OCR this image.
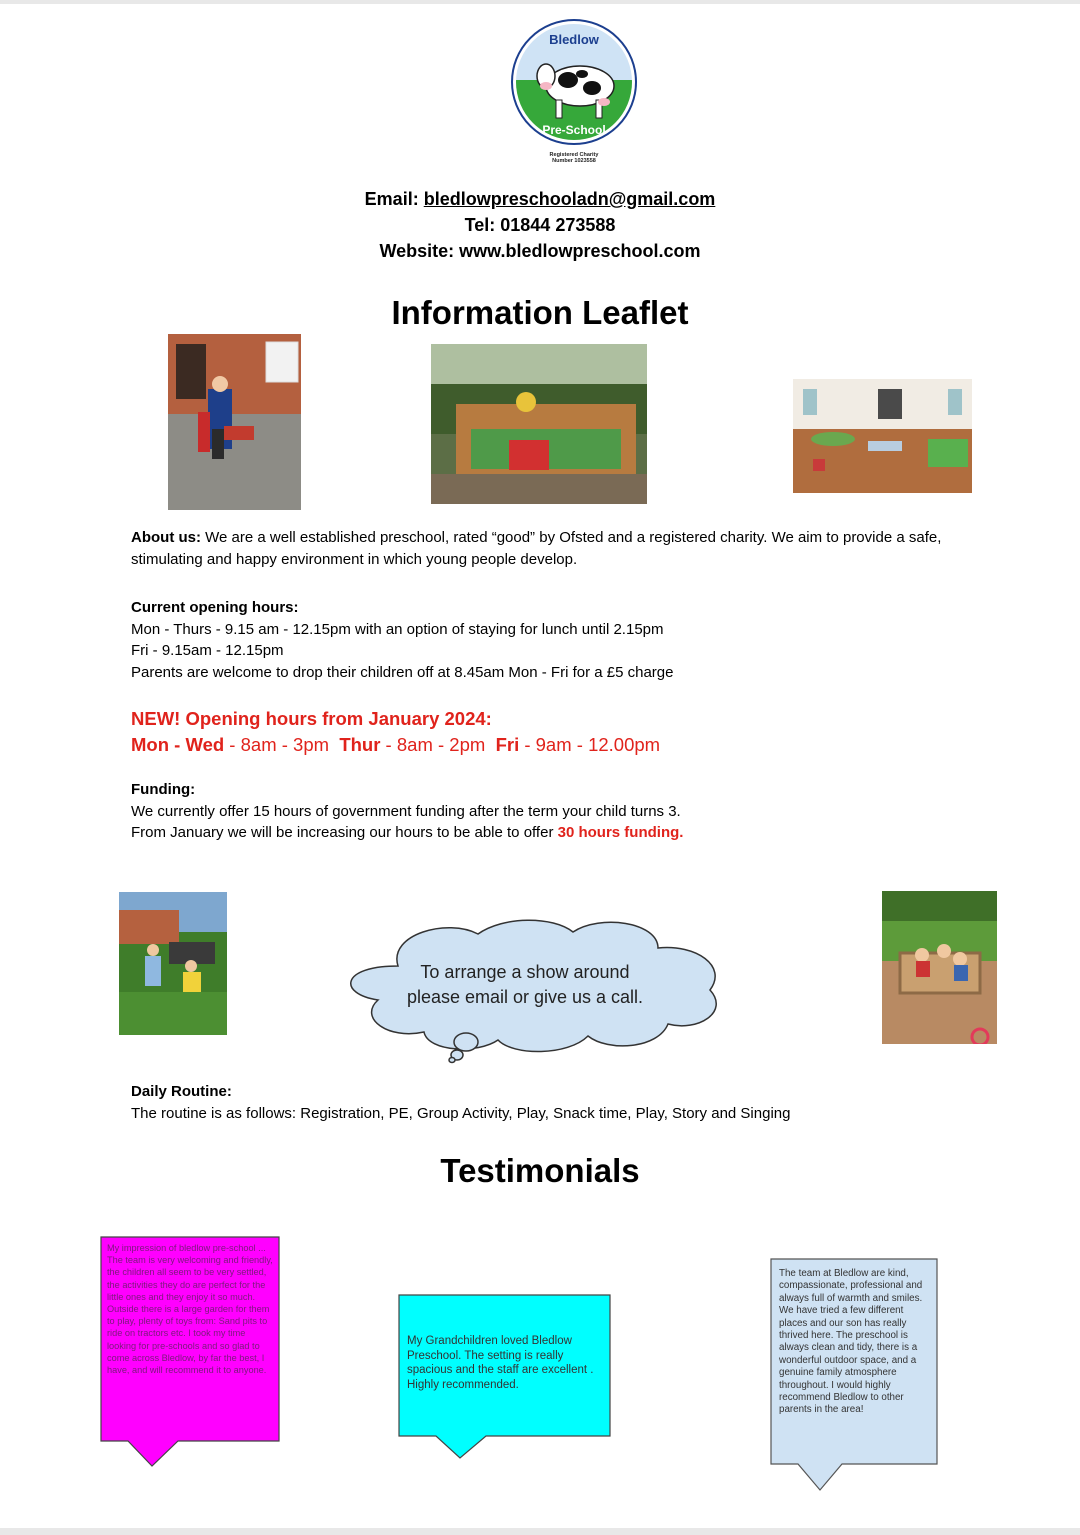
Bledlow
Pre-School
Registered Charity
Number 1023558
Email: bledlowpreschooladn@gmail.com
Tel: 01844 273588
Website: www.bledlowpreschool.com
Information Leaflet
About us: We are a well established preschool, rated “good” by Ofsted and a registered charity. We aim to provide a safe, stimulating and happy environment in which young people develop.
Current opening hours:
Mon - Thurs - 9.15 am - 12.15pm with an option of staying for lunch until 2.15pm
Fri - 9.15am - 12.15pm
Parents are welcome to drop their children off at 8.45am Mon - Fri for a £5 charge
NEW! Opening hours from January 2024:
Mon - Wed - 8am - 3pm  Thur - 8am - 2pm  Fri - 9am - 12.00pm
Funding:
We currently offer 15 hours of government funding after the term your child turns 3.
From January we will be increasing our hours to be able to offer 30 hours funding.
To arrange a show around please email or give us a call.
Daily Routine:
The routine is as follows: Registration, PE, Group Activity, Play, Snack time, Play, Story and Singing
Testimonials
My impression of bledlow pre-school ... The team is very welcoming and friendly, the children all seem to be very settled, the activities they do are perfect for the little ones and they enjoy it so much. Outside there is a large garden for them to play, plenty of toys from: Sand pits to ride on tractors etc. I took my time looking for pre-schools and so glad to come across Bledlow, by far the best, I have, and will recommend it to anyone.
My Grandchildren loved Bledlow Preschool. The setting is really spacious and the staff are excellent . Highly recommended.
The team at Bledlow are kind, compassionate, professional and always full of warmth and smiles. We have tried a few different places and our son has really thrived here. The preschool is always clean and tidy, there is a wonderful outdoor space, and a genuine family atmosphere throughout. I would highly recommend Bledlow to other parents in the area!
